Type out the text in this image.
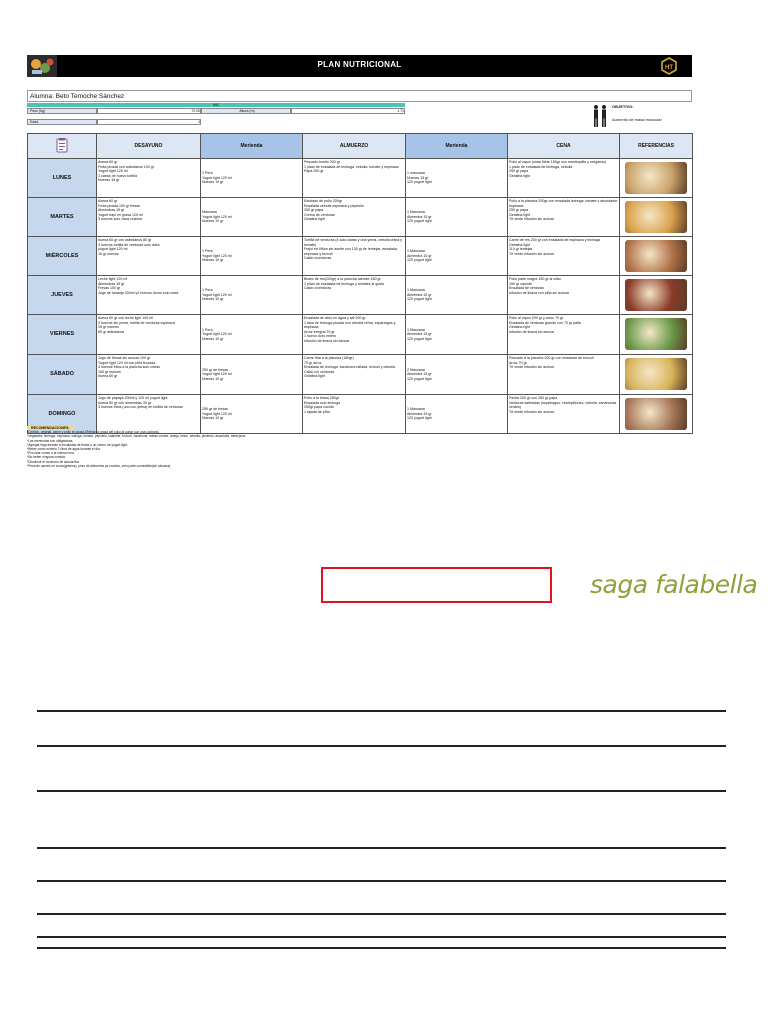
PLAN NUTRICIONAL	HT
Alumna: Beto Temoche Sánchez
IMC
Peso (kg)	72.00	Altura (m)	1.71
Edad	4
OBJETIVO:
Aumento de masa muscular
	DESAYUNO	Merienda	ALMUERZO	Merienda	CENA	REFERENCIAS
LUNES	Avena 60 gr
Fruta picada con arándanos 100 gr
Yogurt light 120 ml
3 claras de huevo tortilla
Nueces 15 gr	1 Pera
Yogurt light 120 ml
Nueces 10 gr	Pescado bonito 200 gr
1 plato de ensalada de lechuga, cebolla, tomate y espinaca
Papa 250 gr	1 manzana
Nueces 15 gr
120 yogurt light	Pollo al vapor (untar filete 150gr con mantequilla y oréganos)
1 plato de ensalada de lechuga, cebolla
250 gr papa
Gelatina light	

MARTES	Avena 60 gr
Fruta picada 100 gr fresas
Almendras 15 gr
Yogurt bajo en grasa 120 ml
3 huevos solo clara cocidos	Manzana
Yogurt light 120 ml
Nueces 10 gr	Estofado de pollo 200gr
Ensalada cebolla espinaca y pepinillo
250 gr papa
Crema de verduras
Gelatina light	1 Manzana
Almendra 15 gr
120 yogurt light	Pollo a la plancha 200gr con ensalada lechuga, tomate y abundante espinaca
250 gr papa
Gelatina light
Té verde infusión sin azúcar	

MIÉRCOLES	Avena 60 gr con arándanos 80 gr
3 huevos tortilla de verduras solo clara
yogurt light 120 ml
15 gr nueces	1 Pera
Yogurt light 120 ml
Nueces 10 gr	Tortilla de verduras (4 solo claras y una yema, cebolla china y tomate)
Frejol en ñiñon sin aceite con 130 gr de lentejas, ensalada, espinaca y brócoli
Caldo c/verduras	1 Manzana
Almendra 15 gr
120 yogurt light	Carne de res 200 gr con ensalada de espinaca y lechuga
Gelatina light
110 gr lentejas
Té verde infusión sin azúcar	

JUEVES	Leche light 120 ml
Almendras 15 gr
Fresas 100 gr
Jugo de naranja 200ml y3 huevos duros solo clara	1 Pera
Yogurt light 120 ml
Nueces 10 gr	Bistec de res(200gr) a la plancha camote 150 gr
1 plato de ensalada de lechuga y tomates al gusto
Caldo c/verduras	1 Manzana
Almendra 15 gr
120 yogurt light	Pollo parte magra 150 gr al cilbo
150 gr camote
Ensalada de verduras
Infusión de linaza con piña sin azúcar	

VIERNES	Avena 60 gr con leche light 100 ml
3 huevos sin yema, tortilla de verduras espinaca
15 gr nueces
65 gr arándanos	1 Pera
Yogurt light 120 ml
Nueces 10 gr	Ensalada de atún en agua y sal 200 gr
1 taza de lechuga picada con cebolla china, espárragos y espinaca
Arroz integral 70 gr
1 huevo duro entero
Infusión de linaza sin azúcar	1 Manzana
Almendra 15 gr
120 yogurt light	Pollo al vapor 200 gr y arroz 70 gr
Ensalada de verduras grande con 70 gr palta
Gelatina light
Infusión de linaza sin azúcar	

SÁBADO	Jugo de fresas sin azúcar 100 gr
Yogurt light 120 ml con piña trozada
3 huevos fritos a la plancha solo claras
150 gr nueces
Avena 80 gr	250 gr de fresas
Yogurt light 120 ml
Nueces 10 gr	Carne frita a la plancha (180gr)
70 gr arroz
Ensalada de lechuga, zanahoria rallada, brócoli y cebolla
Caldo c/n verduras
Gelatina light	2 Manzana
Almendra 15 gr
120 yogurt light	Pescado a la plancha 200 gr con ensalada de brócoli
Arroz 70 gr
Té verde infusión sin azúcar	

DOMINGO	Jugo de papaya 200ml y 120 ml yogurt light
Avena 80 gr con almendras 30 gr
3 huevos fritos (uno con yema) en tortilla de verduras	250 gr de fresas
Yogurt light 120 ml
Nueces 10 gr	Pollo a la brasa 250gr
Ensalada solo lechuga
250gr papa cocida
1 tajada de piña	1 Manzana
Almendra 15 gr
120 yogurt light	Pavita 200 gr con 250 gr papa
Verduras salteadas (espárragos, champiñones, cebolla, zanahorias verdes)
Té verde infusión sin azúcar	
RECOMENDACIONES:
*Cebilon, vegetal, carne y pollo en grasa (Retirar la grasa del pollo al cortar con una cuchara).
*Vegetales: lechuga, espinaca, vainiga, tomate, pepinillo, calabrite, brócoli, zanahoria, habas verdes, arveja, limón, cebolla, pimiento, alcachofa, berenjena.
*Las meriendas son obligatorias.
*Agregar triga alemán a ensaladas de frutas y un chorro de yogurt light.
*Beber como mínimo 2 litros de agua durante el día.
*Procurar comer a la misma hora.
*No beber ninguna comida.
*Disminuir el consumo de azúcar/día.
*Pesa de carnes en crudo(gramos), peso de alimentos ya cocidos, solo parte comestible(sin cáscara).
saga falabella
